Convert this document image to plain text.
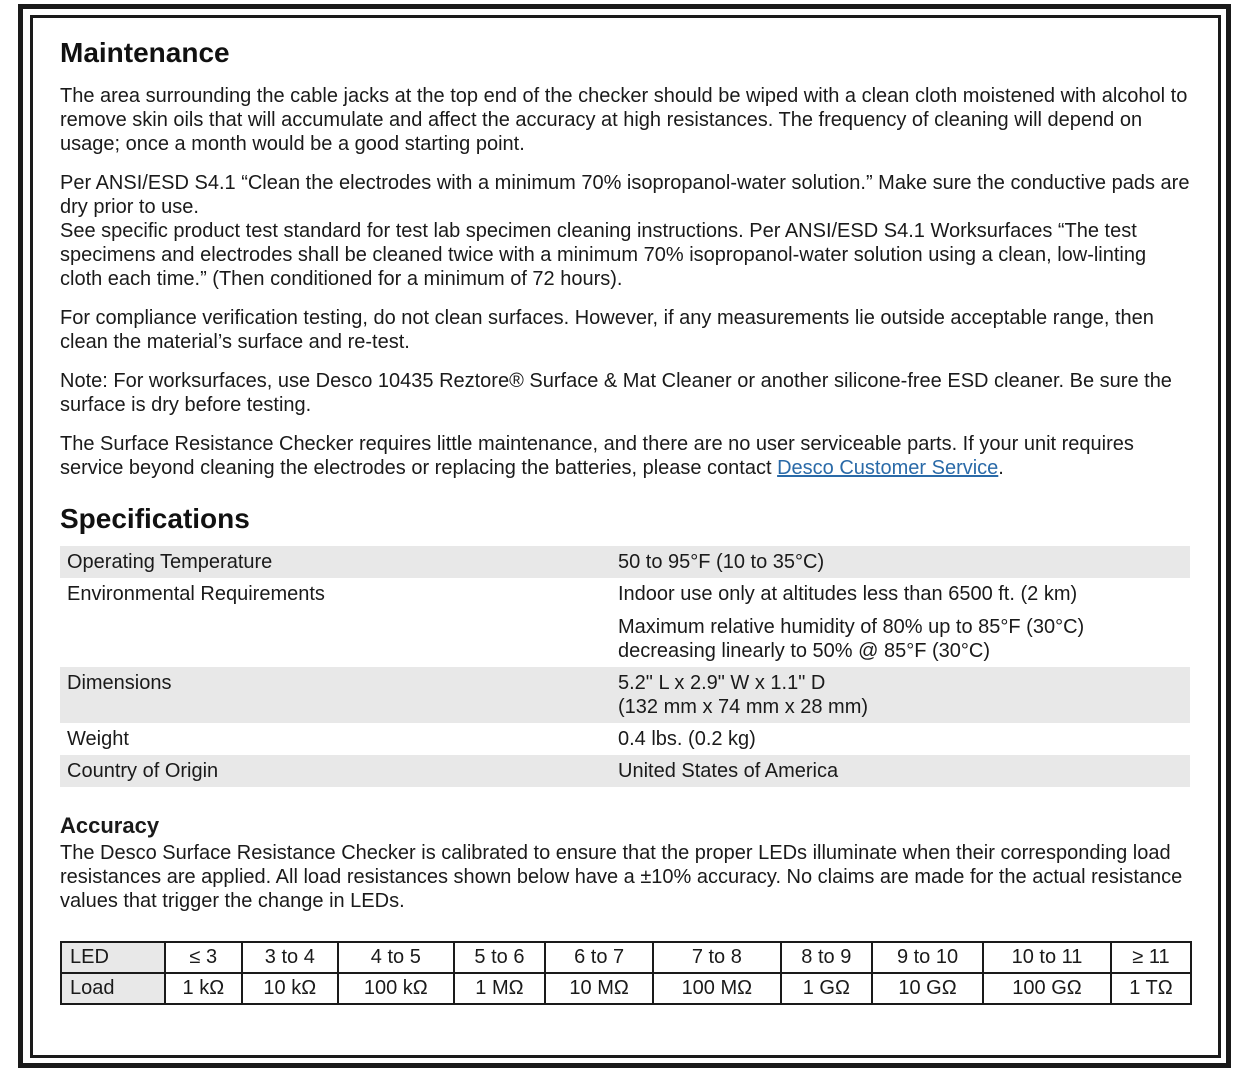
Maintenance

The area surrounding the cable jacks at the top end of the checker should be wiped with a clean cloth moistened with alcohol to remove skin oils that will accumulate and affect the accuracy at high resistances. The frequency of cleaning will depend on usage; once a month would be a good starting point.

Per ANSI/ESD S4.1 “Clean the electrodes with a minimum 70% isopropanol-water solution.” Make sure the conductive pads are dry prior to use.

See specific product test standard for test lab specimen cleaning instructions. Per ANSI/ESD S4.1 Worksurfaces “The test specimens and electrodes shall be cleaned twice with a minimum 70% isopropanol-water solution using a clean, low-linting cloth each time.” (Then conditioned for a minimum of 72 hours).

For compliance verification testing, do not clean surfaces. However, if any measurements lie outside acceptable range, then clean the material’s surface and re-test.

Note: For worksurfaces, use Desco 10435 Reztore® Surface & Mat Cleaner or another silicone-free ESD cleaner. Be sure the surface is dry before testing.

The Surface Resistance Checker requires little maintenance, and there are no user serviceable parts. If your unit requires service beyond cleaning the electrodes or replacing the batteries, please contact Desco Customer Service.

Specifications
Operating Temperature	50 to 95°F (10 to 35°C)
Environmental Requirements	Indoor use only at altitudes less than 6500 ft. (2 km)
Maximum relative humidity of 80% up to 85°F (30°C) decreasing linearly to 50% @ 85°F (30°C)

Dimensions	5.2" L x 2.9" W x 1.1" D
(132 mm x 74 mm x 28 mm)
Weight	0.4 lbs. (0.2 kg)
Country of Origin	United States of America
Accuracy

The Desco Surface Resistance Checker is calibrated to ensure that the proper LEDs illuminate when their corresponding load resistances are applied. All load resistances shown below have a ±10% accuracy. No claims are made for the actual resistance values that trigger the change in LEDs.

LED	≤ 3	3 to 4	4 to 5	5 to 6	6 to 7	7 to 8	8 to 9	9 to 10	10 to 11	≥ 11
Load	1 kΩ	10 kΩ	100 kΩ	1 MΩ	10 MΩ	100 MΩ	1 GΩ	10 GΩ	100 GΩ	1 TΩ
